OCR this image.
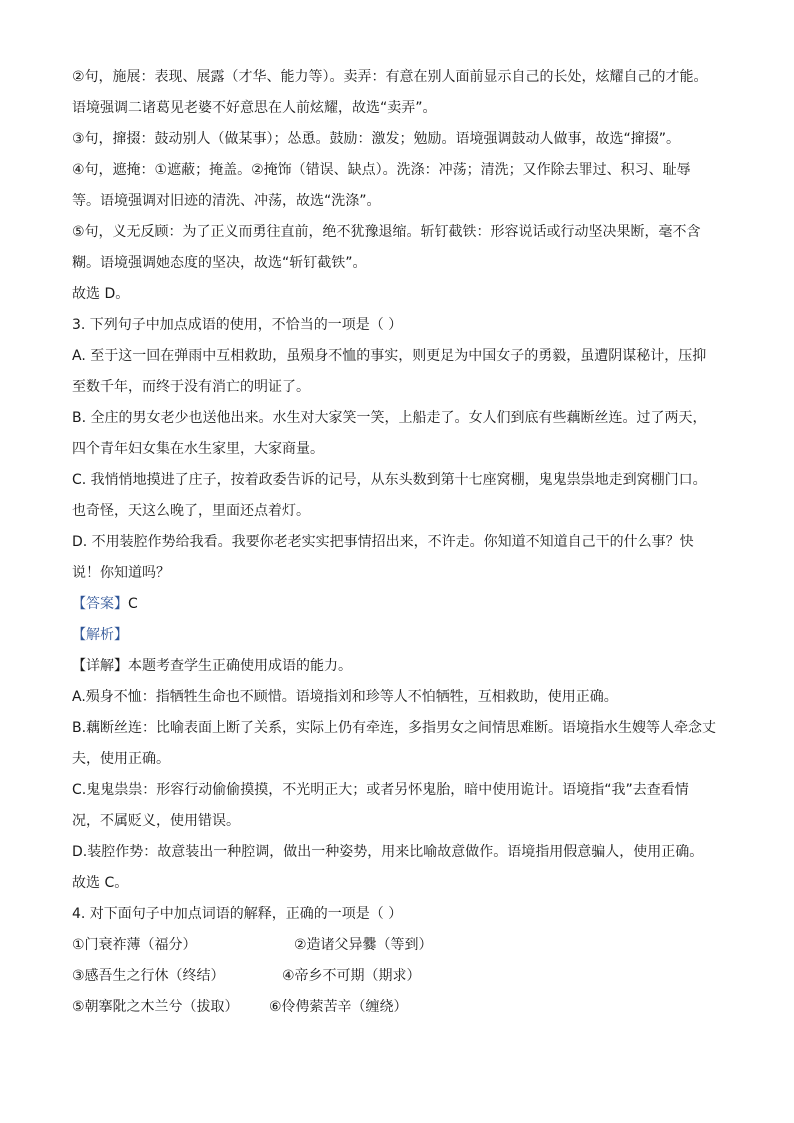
②句，施展：表现、展露（才华、能力等）。卖弄：有意在别人面前显示自己的长处，炫耀自己的才能。
语境强调二诸葛见老婆不好意思在人前炫耀，故选“卖弄”。
③句，撺掇：鼓动别人（做某事）；怂恿。鼓励：激发；勉励。语境强调鼓动人做事，故选“撺掇”。
④句，遮掩：①遮蔽；掩盖。②掩饰（错误、缺点）。洗涤：冲荡；清洗；又作除去罪过、积习、耻辱
等。语境强调对旧迹的清洗、冲荡，故选“洗涤”。
⑤句，义无反顾：为了正义而勇往直前，绝不犹豫退缩。斩钉截铁：形容说话或行动坚决果断，毫不含
糊。语境强调她态度的坚决，故选“斩钉截铁”。
故选 D。
3. 下列句子中加点成语的使用，不恰当的一项是（ ）
A. 至于这一回在弹雨中互相救助，虽殒身不恤的事实，则更足为中国女子的勇毅，虽遭阴谋秘计，压抑
至数千年，而终于没有消亡的明证了。
B. 全庄的男女老少也送他出来。水生对大家笑一笑，上船走了。女人们到底有些藕断丝连。过了两天，
四个青年妇女集在水生家里，大家商量。
C. 我悄悄地摸进了庄子，按着政委告诉的记号，从东头数到第十七座窝棚，鬼鬼祟祟地走到窝棚门口。
也奇怪，天这么晚了，里面还点着灯。
D. 不用装腔作势给我看。我要你老老实实把事情招出来，不许走。你知道不知道自己干的什么事？快
说！你知道吗？
【答案】C
【解析】
【详解】本题考查学生正确使用成语的能力。
A.殒身不恤：指牺牲生命也不顾惜。语境指刘和珍等人不怕牺牲，互相救助，使用正确。
B.藕断丝连：比喻表面上断了关系，实际上仍有牵连，多指男女之间情思难断。语境指水生嫂等人牵念丈
夫，使用正确。
C.鬼鬼祟祟：形容行动偷偷摸摸，不光明正大；或者另怀鬼胎，暗中使用诡计。语境指“我”去查看情
况，不属贬义，使用错误。
D.装腔作势：故意装出一种腔调，做出一种姿势，用来比喻故意做作。语境指用假意骗人，使用正确。
故选 C。
4. 对下面句子中加点词语的解释，正确的一项是（ ）
①门衰祚薄（福分）	②造诸父异爨（等到）
③感吾生之行休（终结）	④帝乡不可期（期求）
⑤朝搴阰之木兰兮（拔取） ⑥伶俜萦苦辛（缠绕）
